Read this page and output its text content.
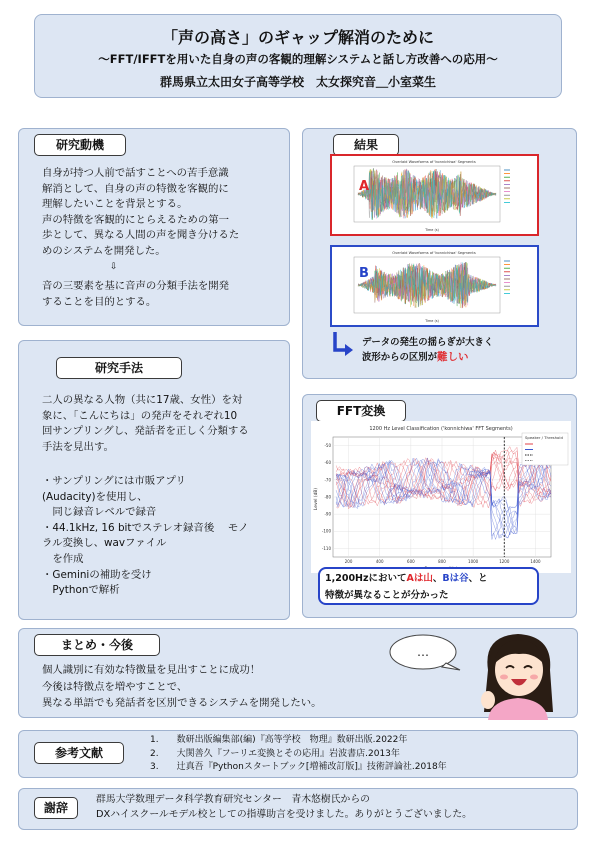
「声の高さ」のギャップ解消のために
～FFT/IFFTを用いた自身の声の客観的理解システムと話し方改善への応用～
群馬県立太田女子高等学校　太女探究音＿小室菜生
研究動機
自身が持つ人前で話すことへの苦手意識
解消として、自身の声の特徴を客観的に
理解したいことを背景とする。
声の特徴を客観的にとらえるための第一
歩として、異なる人間の声を聞き分けるた
めのシステムを開発した。
⇩
音の三要素を基に音声の分類手法を開発
することを目的とする。
研究手法
二人の異なる人物（共に17歳、女性）を対
象に、「こんにちは」の発声をそれぞれ10
回サンプリングし、発話者を正しく分類する
手法を見出す。
・サンプリングには市販アプリ
(Audacity)を使用し、
　同じ録音レベルで録音
・44.1kHz, 16 bitでステレオ録音後　 モノ
ラル変換し、wavファイル
　を作成
・Geminiの補助を受け
　Pythonで解析
結果
Overlaid Waveforms of 'konnichiwa' Segments
Time (s)
A
Overlaid Waveforms of 'konnichiwa' Segments
Time (s)
B
データの発生の揺らぎが大きく
波形からの区別が難しい
FFT変換
1200 Hz Level Classification ('konnichiwa' FFT Segments)
Level (dB)
200	400	600	800	1000	1200	1400
-50
-60
-70
-80
-90
-100
-110
Speaker / Threshold
1,200HzにおいてAは山、Bは谷、と
特徴が異なることが分かった
まとめ・今後
個人識別に有効な特徴量を見出すことに成功！
今後は特徴点を増やすことで、
異なる単語でも発話者を区別できるシステムを開発したい。
…
参考文献
1.　　数研出版編集部(編)『高等学校　物理』数研出版.2022年
2.　　大関善久『フーリエ変換とその応用』岩波書店.2013年
3.　　辻真吾『Pythonスタートブック[増補改訂版]』技術評論社.2018年
謝辞
群馬大学数理データ科学教育研究センター　青木悠樹氏からの
DXハイスクールモデル校としての指導助言を受けました。ありがとうございました。
